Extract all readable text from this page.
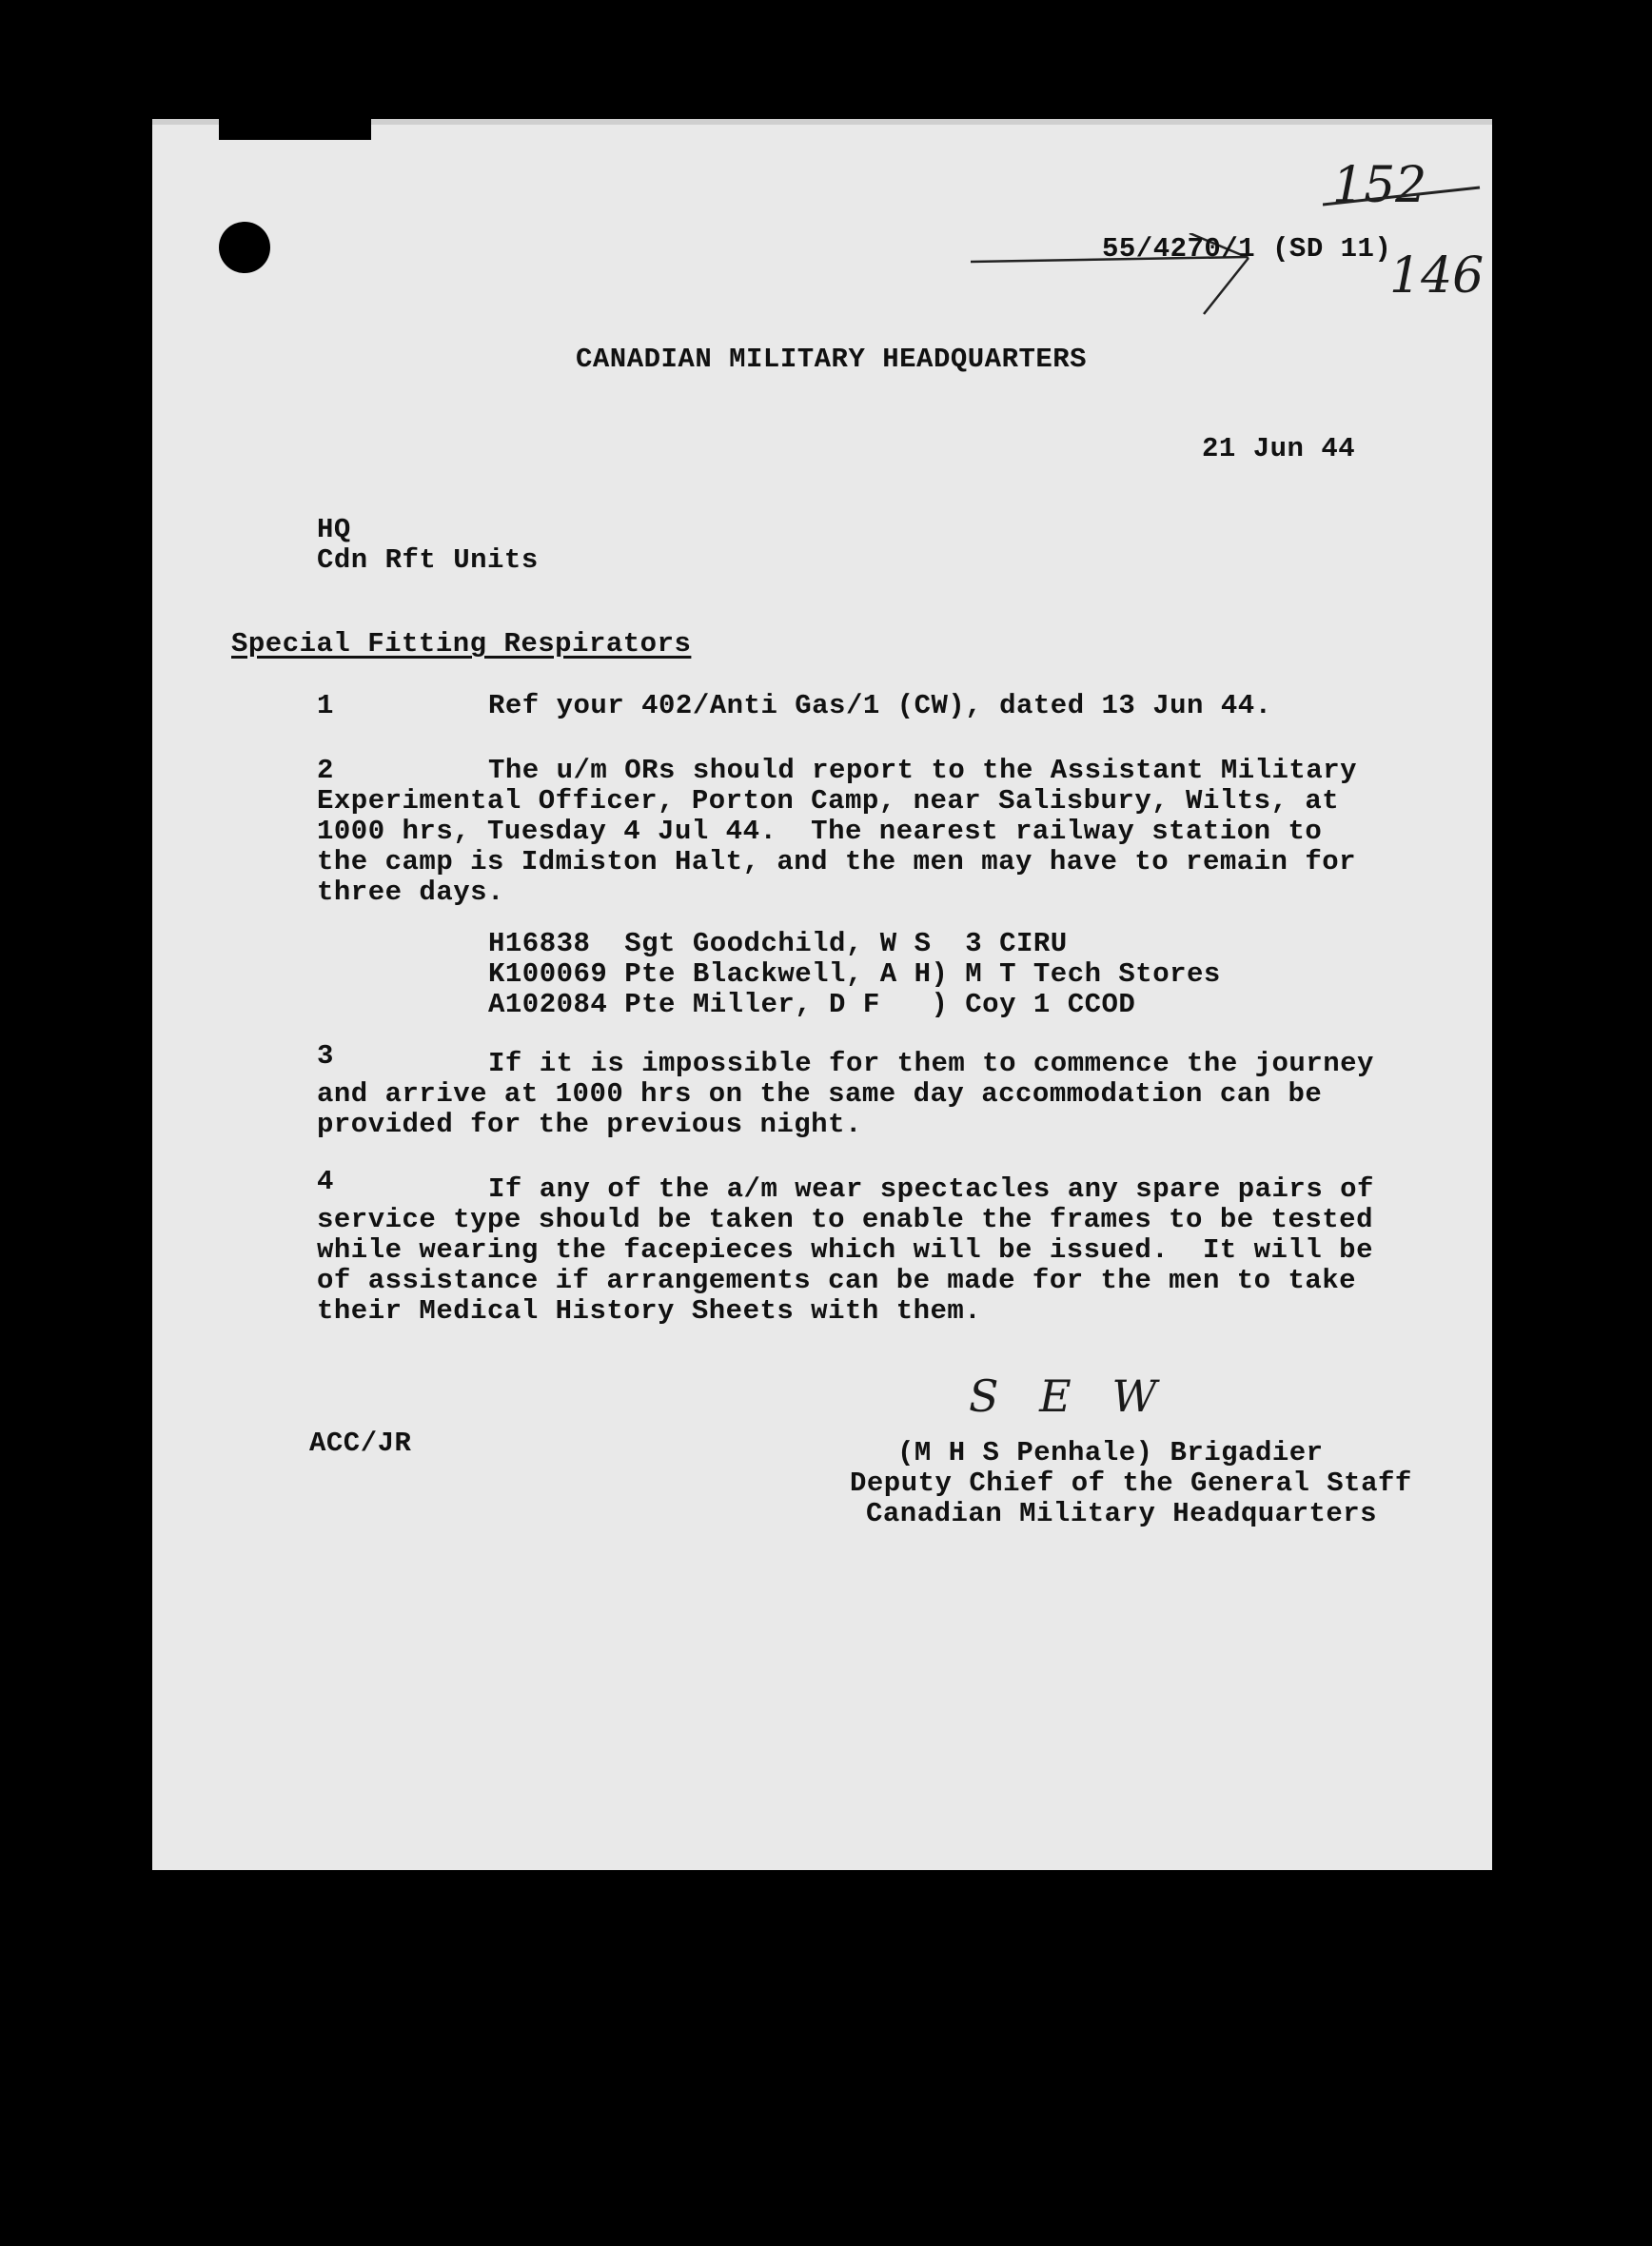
152
146
55/4270/1 (SD 11)
CANADIAN MILITARY HEADQUARTERS
21 Jun 44
HQ
Cdn Rft Units
Special Fitting Respirators
1	Ref your 402/Anti Gas/1 (CW), dated 13 Jun 44.
2	The u/m ORs should report to the Assistant Military
Experimental Officer, Porton Camp, near Salisbury, Wilts, at
1000 hrs, Tuesday 4 Jul 44.  The nearest railway station to
the camp is Idmiston Halt, and the men may have to remain for
three days.
H16838  Sgt Goodchild, W S  3 CIRU
K100069 Pte Blackwell, A H) M T Tech Stores
A102084 Pte Miller, D F   ) Coy 1 CCOD
3	If it is impossible for them to commence the journey
and arrive at 1000 hrs on the same day accommodation can be
provided for the previous night.
4	If any of the a/m wear spectacles any spare pairs of
service type should be taken to enable the frames to be tested
while wearing the facepieces which will be issued.  It will be
of assistance if arrangements can be made for the men to take
their Medical History Sheets with them.
S E W
ACC/JR	(M H S Penhale) Brigadier
Deputy Chief of the General Staff
Canadian Military Headquarters
